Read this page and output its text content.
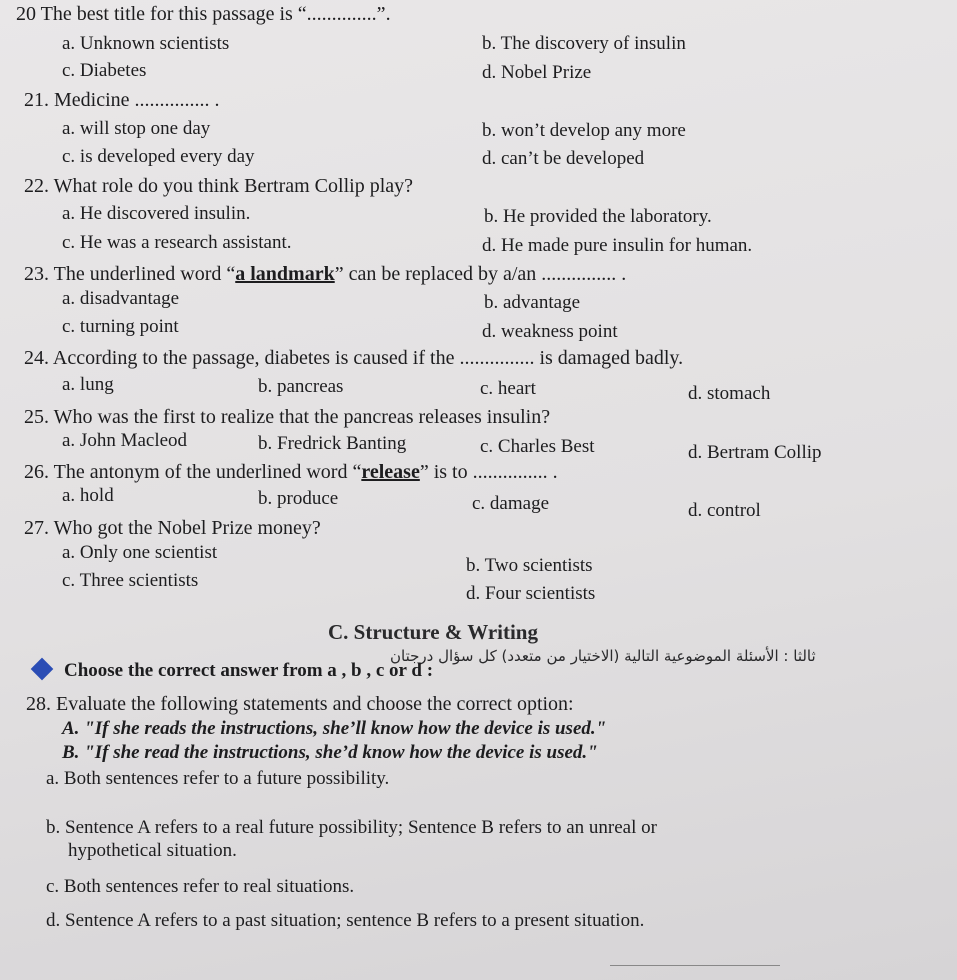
20 The best title for this passage is “..............”.
a. Unknown scientists	b. The discovery of insulin
c. Diabetes	d. Nobel Prize
21. Medicine ............... .
a. will stop one day	b. won’t develop any more
c. is developed every day	d. can’t be developed
22. What role do you think Bertram Collip play?
a. He discovered insulin.	b. He provided the laboratory.
c. He was a research assistant.	d. He made pure insulin for human.
23. The underlined word “a landmark” can be replaced by a/an ............... .
a. disadvantage	b. advantage
c. turning point	d. weakness point
24. According to the passage, diabetes is caused if the ............... is damaged badly.
a. lung	b. pancreas	c. heart	d. stomach
25. Who was the first to realize that the pancreas releases insulin?
a. John Macleod	b. Fredrick Banting	c. Charles Best	d. Bertram Collip
26. The antonym of the underlined word “release” is to ............... .
a. hold	b. produce	c. damage	d. control
27. Who got the Nobel Prize money?
a. Only one scientist
b. Two scientists
c. Three scientists
d. Four scientists
C. Structure & Writing
ثالثا : الأسئلة الموضوعية التالية (الاختيار من متعدد) كل سؤال درجتان
Choose the correct answer from a , b , c or d :
28. Evaluate the following statements and choose the correct option:
A. "If she reads the instructions, she’ll know how the device is used."
B. "If she read the instructions, she’d know how the device is used."
a. Both sentences refer to a future possibility.
b. Sentence A refers to a real future possibility; Sentence B refers to an unreal or
hypothetical situation.
c. Both sentences refer to real situations.
d. Sentence A refers to a past situation; sentence B refers to a present situation.
